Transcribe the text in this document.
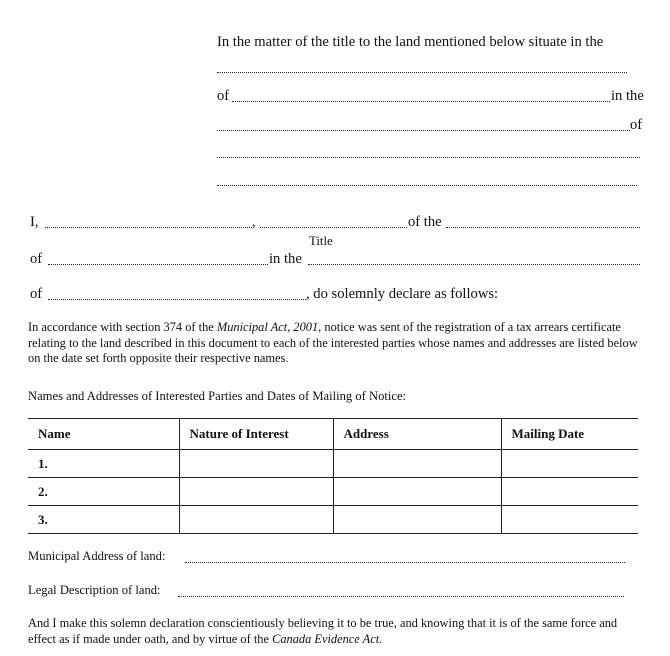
In the matter of the title to the land mentioned below situate in the
of	in the
of
I,	,	of the
Title
of	in the
of	, do solemnly declare as follows:
In accordance with section 374 of the Municipal Act, 2001, notice was sent of the registration of a tax arrears certificate relating to the land described in this document to each of the interested parties whose names and addresses are listed below on the date set forth opposite their respective names.
Names and Addresses of Interested Parties and Dates of Mailing of Notice:
Name	Nature of Interest	Address	Mailing Date
1.			
2.			
3.			
Municipal Address of land:
Legal Description of land:
And I make this solemn declaration conscientiously believing it to be true, and knowing that it is of the same force and effect as if made under oath, and by virtue of the Canada Evidence Act.
